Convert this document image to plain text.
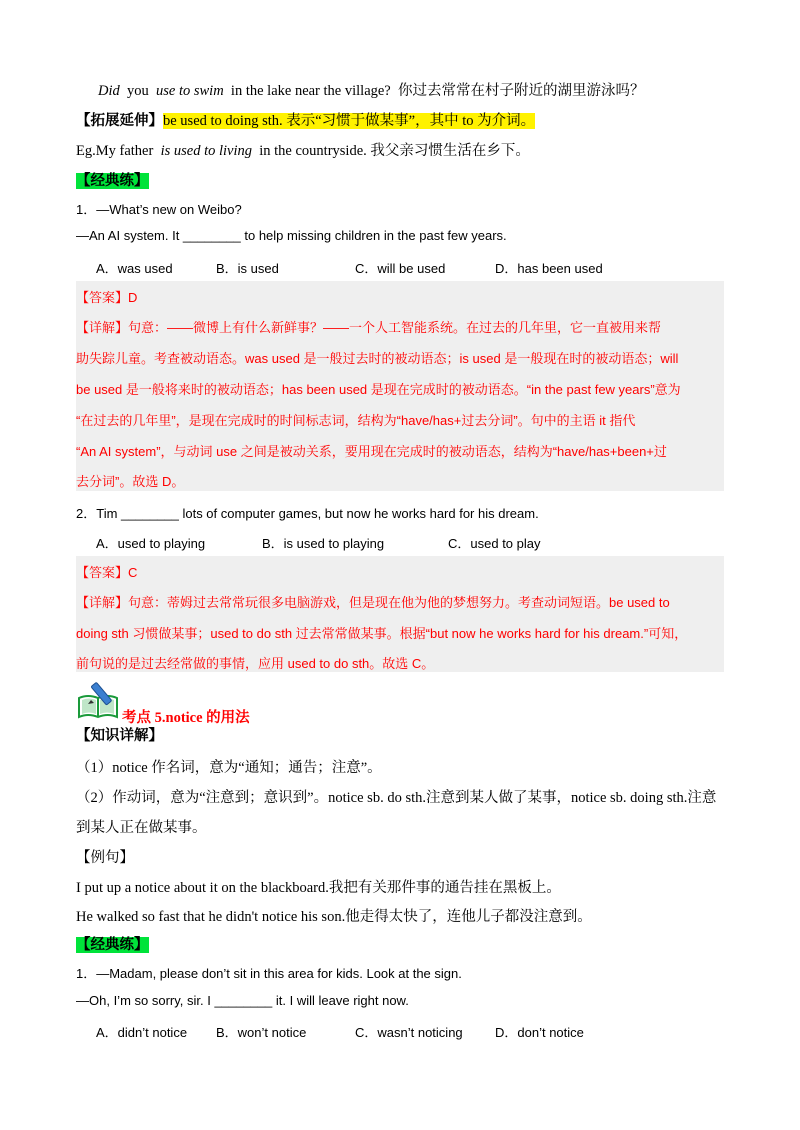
Did you use to swim in the lake near the village? 你过去常常在村子附近的湖里游泳吗？
【拓展延伸】be used to doing sth. 表示“习惯于做某事”，其中 to 为介词。
Eg.My father is used to living in the countryside. 我父亲习惯生活在乡下。
【经典练】
1．—What’s new on Weibo?
—An AI system. It ________ to help missing children in the past few years.
A．was used	B．is used	C．will be used	D．has been used
【答案】D
【详解】句意：——微博上有什么新鲜事？——一个人工智能系统。在过去的几年里，它一直被用来帮
助失踪儿童。考查被动语态。was used 是一般过去时的被动语态；is used 是一般现在时的被动语态；will
be used 是一般将来时的被动语态；has been used 是现在完成时的被动语态。“in the past few years”意为
“在过去的几年里”，是现在完成时的时间标志词，结构为“have/has+过去分词”。句中的主语 it 指代
“An AI system”，与动词 use 之间是被动关系，要用现在完成时的被动语态，结构为“have/has+been+过
去分词”。故选 D。
2．Tim ________ lots of computer games, but now he works hard for his dream.
A．used to playing	B．is used to playing	C．used to play
【答案】C
【详解】句意：蒂姆过去常常玩很多电脑游戏，但是现在他为他的梦想努力。考查动词短语。be used to
doing sth 习惯做某事；used to do sth 过去常常做某事。根据“but now he works hard for his dream.”可知，
前句说的是过去经常做的事情，应用 used to do sth。故选 C。
考点 5.notice 的用法
【知识详解】
（1）notice 作名词，意为“通知；通告；注意”。
（2）作动词，意为“注意到；意识到”。notice sb. do sth.注意到某人做了某事，notice sb. doing sth.注意
到某人正在做某事。
【例句】
I put up a notice about it on the blackboard.我把有关那件事的通告挂在黑板上。
He walked so fast that he didn't notice his son.他走得太快了，连他儿子都没注意到。
【经典练】
1．—Madam, please don’t sit in this area for kids. Look at the sign.
—Oh, I’m so sorry, sir. I ________ it. I will leave right now.
A．didn’t notice B．won’t notice	C．wasn’t noticing D．don’t notice
